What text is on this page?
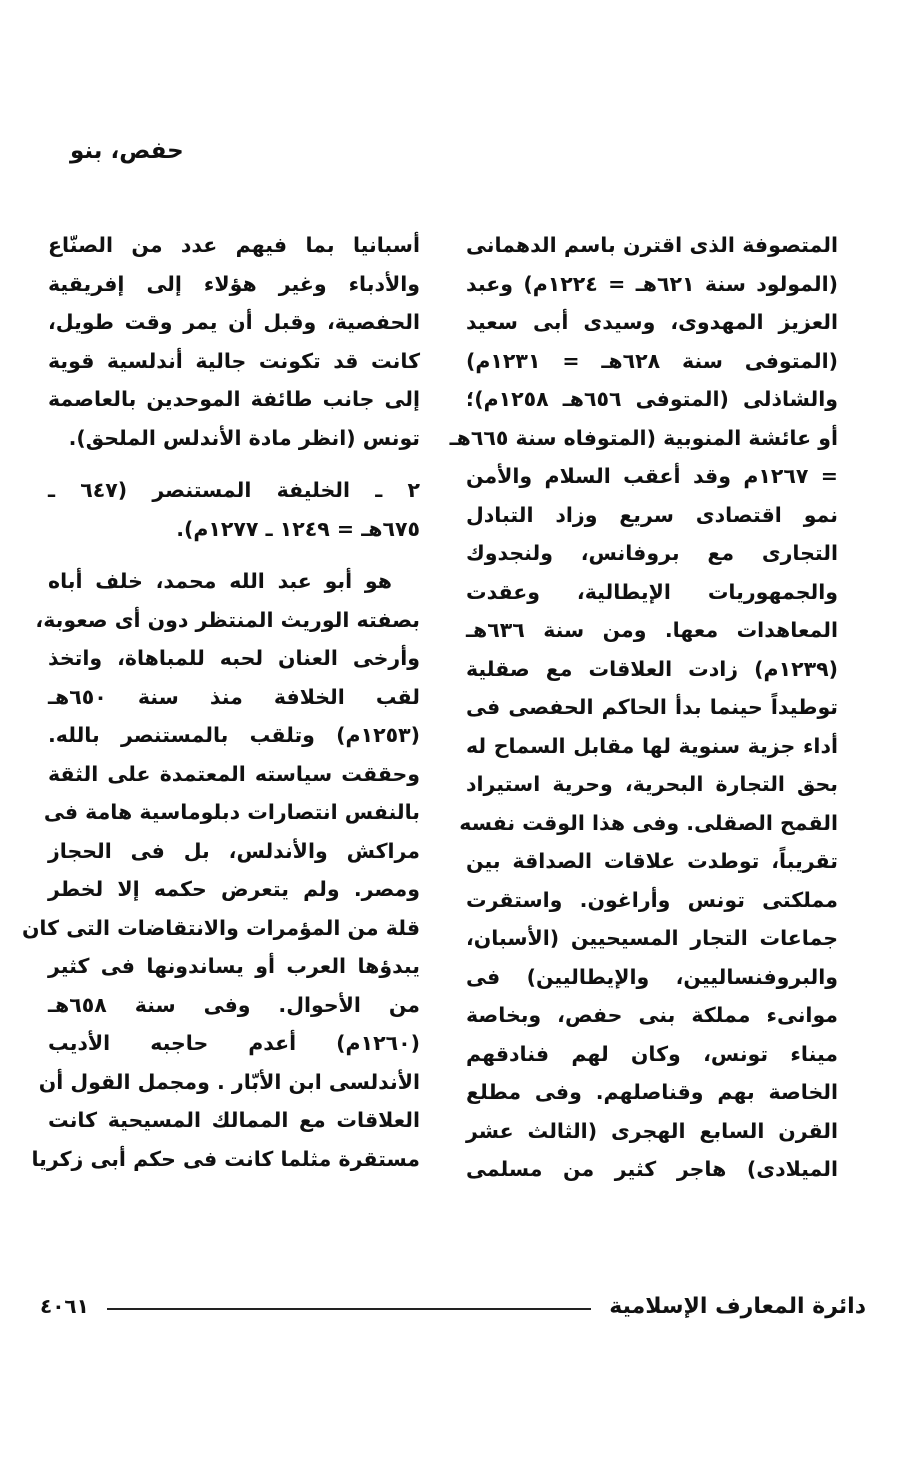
حفص، بنو
المتصوفة الذى اقترن باسم الدهمانى
(المولود سنة ٦٢١هـ = ١٢٢٤م) وعبد
العزيز المهدوى، وسيدى أبى سعيد
(المتوفى سنة ٦٢٨هـ = ١٢٣١م)
والشاذلى (المتوفى ٦٥٦هـ ١٢٥٨م)؛
أو عائشة المنوبية (المتوفاه سنة ٦٦٥هـ
= ١٢٦٧م وقد أعقب السلام والأمن
نمو اقتصادى سريع وزاد التبادل
التجارى مع بروفانس، ولنجدوك
والجمهوريات الإيطالية، وعقدت
المعاهدات معها. ومن سنة ٦٣٦هـ
(١٢٣٩م) زادت العلاقات مع صقلية
توطيداً حينما بدأ الحاكم الحفصى فى
أداء جزية سنوية لها مقابل السماح له
بحق التجارة البحرية، وحرية استيراد
القمح الصقلى. وفى هذا الوقت نفسه
تقريباً، توطدت علاقات الصداقة بين
مملكتى تونس وأراغون. واستقرت
جماعات التجار المسيحيين (الأسبان،
والبروفنساليين، والإيطاليين) فى
موانىء مملكة بنى حفص، وبخاصة
ميناء تونس، وكان لهم فنادقهم
الخاصة بهم وقناصلهم. وفى مطلع
القرن السابع الهجرى (الثالث عشر
الميلادى) هاجر كثير من مسلمى
أسبانيا بما فيهم عدد من الصنّاع
والأدباء وغير هؤلاء إلى إفريقية
الحفصية، وقبل أن يمر وقت طويل،
كانت قد تكونت جالية أندلسية قوية
إلى جانب طائفة الموحدين بالعاصمة
تونس (انظر مادة الأندلس الملحق).
٢ ـ الخليفة المستنصر (٦٤٧ ـ
٦٧٥هـ = ١٢٤٩ ـ ١٢٧٧م).
هو أبو عبد الله محمد، خلف أباه
بصفته الوريث المنتظر دون أى صعوبة،
وأرخى العنان لحبه للمباهاة، واتخذ
لقب الخلافة منذ سنة ٦٥٠هـ
(١٢٥٣م) وتلقب بالمستنصر بالله.
وحققت سياسته المعتمدة على الثقة
بالنفس انتصارات دبلوماسية هامة فى
مراكش والأندلس، بل فى الحجاز
ومصر. ولم يتعرض حكمه إلا لخطر
قلة من المؤمرات والانتقاضات التى كان
يبدؤها العرب أو يساندونها فى كثير
من الأحوال. وفى سنة ٦٥٨هـ
(١٢٦٠م) أعدم حاجبه الأديب
الأندلسى ابن الأبّار . ومجمل القول أن
العلاقات مع الممالك المسيحية كانت
مستقرة مثلما كانت فى حكم أبى زكريا
دائرة المعارف الإسلامية
٤٠٦١
